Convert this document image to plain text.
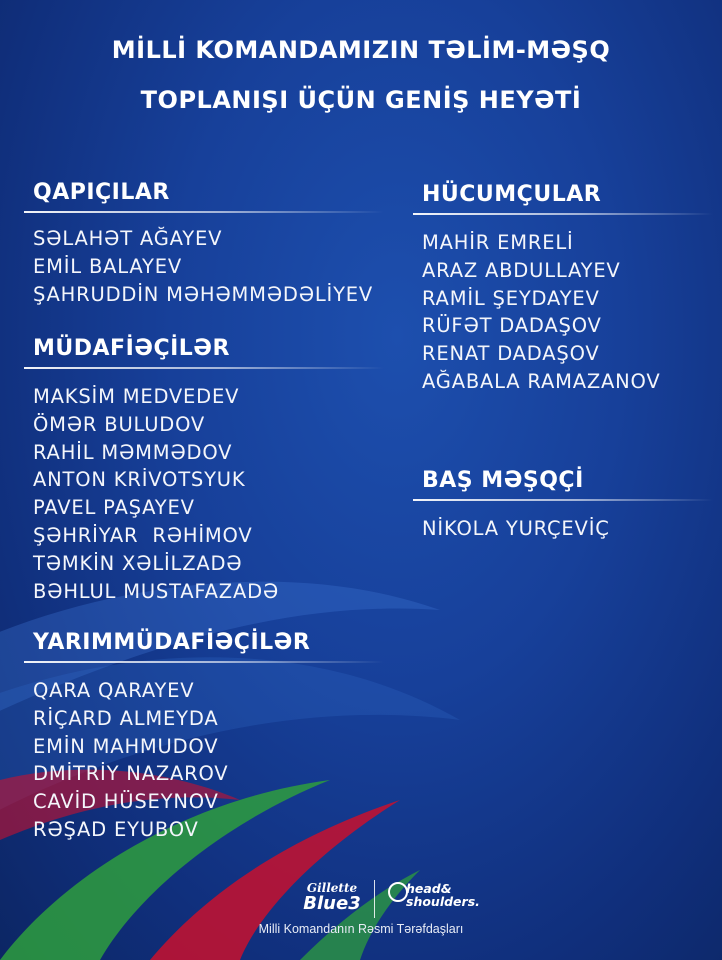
MİLLİ KOMANDAMIZIN TƏLİM-MƏŞQ
TOPLANIŞI ÜÇÜN GENİŞ HEYƏTİ
QAPIÇILAR
SƏLAHƏT AĞAYEV
EMİL BALAYEV
ŞAHRUDDİN MƏHƏMMƏDƏLİYEV
MÜDAFİƏÇİLƏR
MAKSİM MEDVEDEV
ÖMƏR BULUDOV
RAHİL MƏMMƏDOV
ANTON KRİVOTSYUK
PAVEL PAŞAYEV
ŞƏHRİYAR  RƏHİMOV
TƏMKİN XƏLİLZADƏ
BƏHLUL MUSTAFAZADƏ
YARIMMÜDAFİƏÇİLƏR
QARA QARAYEV
RİÇARD ALMEYDA
EMİN MAHMUDOV
DMİTRİY NAZAROV
CAVİD HÜSEYNOV
RƏŞAD EYUBOV
HÜCUMÇULAR
MAHİR EMRELİ
ARAZ ABDULLAYEV
RAMİL ŞEYDAYEV
RÜFƏT DADAŞOV
RENAT DADAŞOV
AĞABALA RAMAZANOV
BAŞ MƏŞQÇİ
NİKOLA YURÇEVİÇ
Gillette
Blue3
head&
shoulders.
Milli Komandanın Rəsmi Tərəfdaşları
